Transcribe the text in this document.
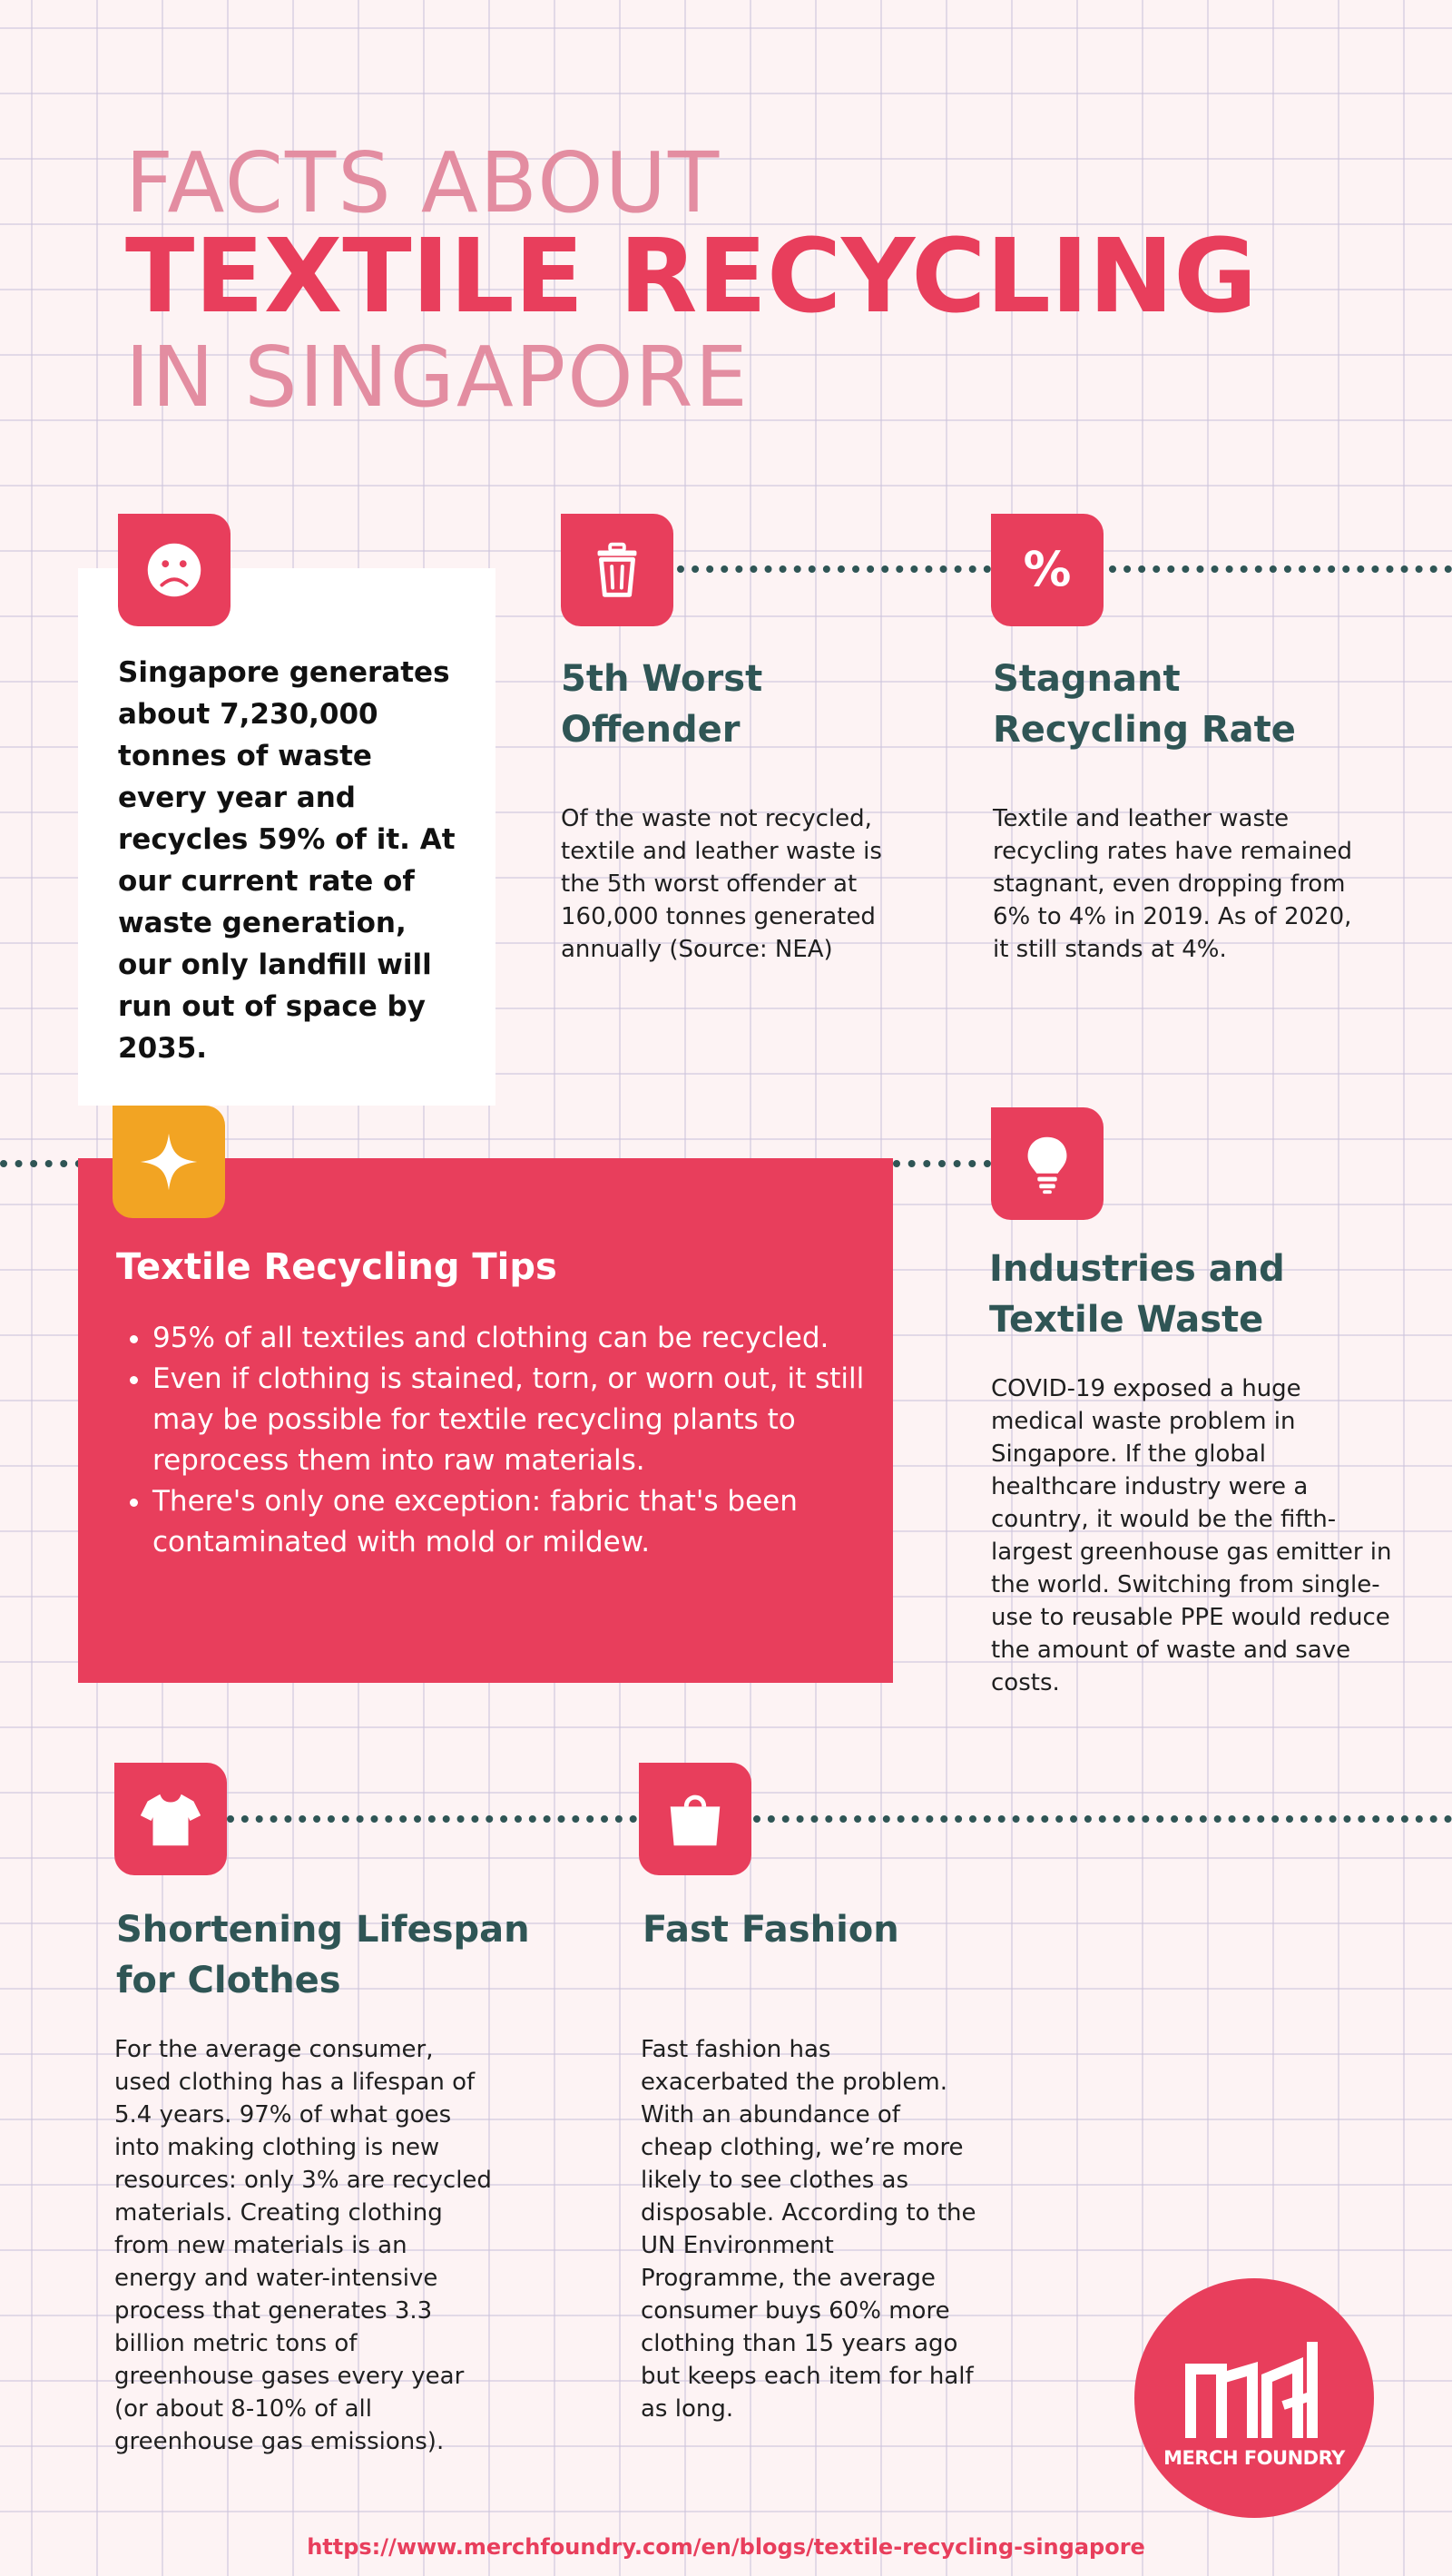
FACTS ABOUT
TEXTILE RECYCLING
IN SINGAPORE
Singapore generates about 7,230,000 tonnes of waste every year and recycles 59% of it. At our current rate of waste generation, our only landfill will run out of space by 2035.
5th Worst
Offender
Of the waste not recycled, textile and leather waste is the 5th worst offender at 160,000 tonnes generated annually (Source: NEA)
%
Stagnant
Recycling Rate
Textile and leather waste recycling rates have remained stagnant, even dropping from 6% to 4% in 2019. As of 2020, it still stands at 4%.
Textile Recycling Tips
• 95% of all textiles and clothing can be recycled.
• Even if clothing is stained, torn, or worn out, it still may be possible for textile recycling plants to reprocess them into raw materials.
• There's only one exception: fabric that's been contaminated with mold or mildew.
Industries and
Textile Waste
COVID-19 exposed a huge medical waste problem in Singapore. If the global healthcare industry were a country, it would be the fifth-largest greenhouse gas emitter in the world. Switching from single-use to reusable PPE would reduce the amount of waste and save costs.
Shortening Lifespan
for Clothes
For the average consumer, used clothing has a lifespan of 5.4 years. 97% of what goes into making clothing is new resources: only 3% are recycled materials. Creating clothing from new materials is an energy and water-intensive process that generates 3.3 billion metric tons of greenhouse gases every year (or about 8-10% of all greenhouse gas emissions).
Fast Fashion
Fast fashion has exacerbated the problem. With an abundance of cheap clothing, we’re more likely to see clothes as disposable. According to the UN Environment Programme, the average consumer buys 60% more clothing than 15 years ago but keeps each item for half as long.
MERCH FOUNDRY
https://www.merchfoundry.com/en/blogs/textile-recycling-singapore
